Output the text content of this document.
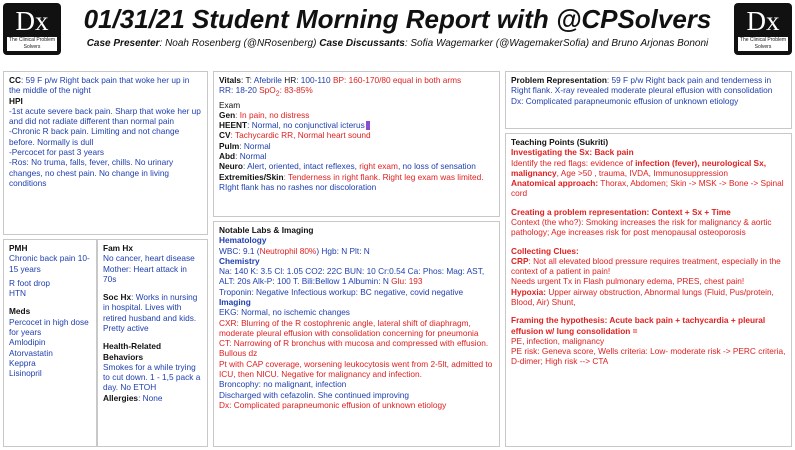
Dx
The Clinical Problem Solvers
Dx
The Clinical Problem Solvers
01/31/21 Student Morning Report with @CPSolvers
Case Presenter: Noah Rosenberg (@NRosenberg) Case Discussants: Sofia Wagemarker (@WagemakerSofia) and Bruno Arjonas Bononi

CC: 59 F p/w Right back pain that woke her up in the middle of the night

HPI

-1st acute severe back pain. Sharp that woke her up and did not radiate different than normal pain

-Chronic R back pain. Limiting and not change before. Normally is dull

-Percocet for past 3 years

-Ros: No truma, falls, fever, chills. No urinary changes, no chest pain. No change in living conditions

PMH

Chronic back pain 10-15 years

R foot drop

HTN

Meds

Percocet in high dose for years

Amlodipin

Atorvastatin

Keppra

Lisinopril

Fam Hx

No cancer, heart disease

Mother: Heart attack in 70s

Soc Hx: Works in nursing in hospital. Lives with retired husband and kids. Pretty active

Health-Related Behaviors

Smokes for a while trying to cut down. 1 - 1,5 pack a day. No ETOH

Allergies: None

Vitals: T: Afebrile HR: 100-110 BP: 160-170/80 equal in both arms

RR: 18-20 SpO$_2$: 83-85%

Exam

Gen: In pain, no distress

HEENT: Normal, no conjunctival icterus

CV: Tachycardic RR, Normal heart sound

Pulm: Normal

Abd: Normal

Neuro: Alert, oriented, intact reflexes, right exam, no loss of sensation

Extremities/Skin: Tenderness in right flank. Right leg exam was limited. RIght flank has no rashes nor discoloration

Notable Labs & Imaging

Hematology

WBC: 9.1 (Neutrophil 80%) Hgb: N Plt: N

Chemistry

Na: 140 K: 3.5 Cl: 1.05 CO2: 22C BUN: 10 Cr:0.54 Ca: Phos: Mag: AST, ALT: 20s Alk-P: 100 T. Bili:Bellow 1 Albumin: N Glu: 193

Troponin: Negative Infectious workup: BC negative, covid negative

Imaging

EKG: Normal, no ischemic changes

CXR: Blurring of the R costophrenic angle, lateral shift of diaphragm, moderate pleural effusion with consolidation concerning for pneumonia

CT: Narrowing of R bronchus with mucosa and compressed with effusion. Bullous dz

Pt with CAP coverage, worsening leukocytosis went from 2-5lt, admitted to ICU, then NICU. Negative for malignancy and infection.

Broncophy: no malignant, infection

Discharged with cefazolin. She continued improving

Dx: Complicated parapneumonic effusion of unknown etiology

Problem Representation: 59 F p/w Right back pain and tenderness in Right flank. X-ray revealed moderate pleural effusion with consolidation

Dx: Complicated parapneumonic effusion of unknown etiology

Teaching Points (Sukriti)

Investigating the Sx: Back pain

Identify the red flags: evidence of infection (fever), neurological Sx, malignancy, Age >50 , trauma, IVDA, Immunosuppression

Anatomical approach: Thorax, Abdomen; Skin -> MSK -> Bone -> Spinal cord

Creating a problem representation: Context + Sx + Time

Context (the who?): Smoking increases the risk for malignancy & aortic pathology; Age increases risk for post menopausal osteoporosis

Collecting Clues:

CRP: Not all elevated blood pressure requires treatment, especially in the context of a patient in pain!

Needs urgent Tx in Flash pulmonary edema, PRES, chest pain!

Hypoxia: Upper airway obstruction, Abnormal lungs (Fluid, Pus/protein, Blood, Air) Shunt,

Framing the hypothesis: Acute back pain + tachycardia + pleural effusion w/ lung consolidation =

PE, infection, malignancy

PE risk: Geneva score, Wells criteria: Low- moderate risk -> PERC criteria, D-dimer; High risk --> CTA
